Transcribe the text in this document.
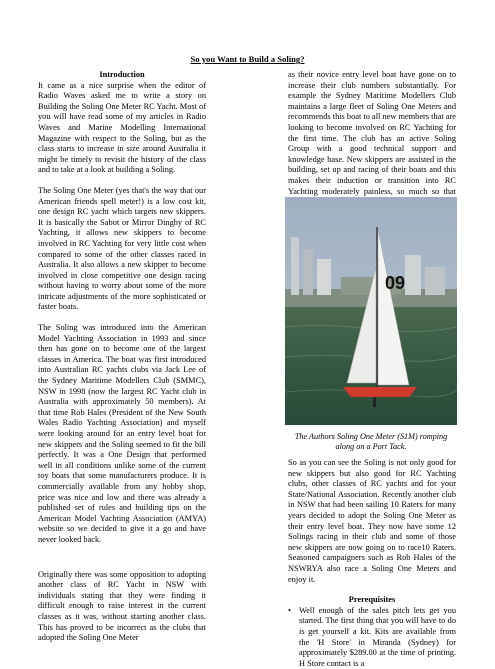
So you Want to Build a Soling?

Introduction

It came as a nice surprise when the editor of Radio Waves asked me to write a story on Building the Soling One Meter RC Yacht. Most of you will have read some of my articles in Radio Waves and Marine Modelling International Magazine with respect to the Soling, but as the class starts to increase in size around Australia it might be timely to revisit the history of the class and to take at a look at building a Soling.

The Soling One Meter (yes that's the way that our American friends spell meter!) is a low cost kit, one design RC yacht which targets new skippers. It is basically the Sabot or Mirror Dinghy of RC Yachting, it allows new skippers to become involved in RC Yachting for very little cost when compared to some of the other classes raced in Australia. It also allows a new skipper to become involved in close competitive one design racing without having to worry about some of the more intricate adjustments of the more sophisticated or faster boats.

The Soling was introduced into the American Model Yachting Association in 1993 and since then has gone on to become one of the largest classes in America. The boat was first introduced into Australian RC yachts clubs via Jack Lee of the Sydney Maritime Modellers Club (SMMC), NSW in 1998 (now the largest RC Yacht club in Australia with approximately 50 members). At that time Rob Hales (President of the New South Wales Radio Yachting Association) and myself were looking around for an entry level boat for new skippers and the Soling seemed to fit the bill perfectly. It was a One Design that performed well in all conditions unlike some of the current toy boats that some manufacturers produce. It is commercially available from any hobby shop, price was nice and low and there was already a published set of rules and building tips on the American Model Yachting Association (AMYA) website so we decided to give it a go and have never looked back.

Originally there was some opposition to adopting another class of RC Yacht in NSW with individuals stating that they were finding it difficult enough to raise interest in the current classes as it was, without starting another class. This has proved to be incorrect as the clubs that adopted the Soling One Meter

as their novice entry level boat have gone on to increase their club numbers substantially. For example the Sydney Maritime Modellers Club maintains a large fleet of Soling One Meters and recommends this boat to all new members that are looking to become involved on RC Yachting for the first time. The club has an active Soling Group with a good technical support and knowledge base. New skippers are assisted in the building, set up and racing of their boats and this makes their induction or transition into RC Yachting moderately painless, so much so that

09
The Authors Soling One Meter (S1M) romping along on a Port Tack.

So as you can see the Soling is not only good for new skippers but also good for RC Yachting clubs, other classes of RC yachts and for your State/National Association. Recently another club in NSW that had been sailing 10 Raters for many years decided to adopt the Soling One Meter as their entry level boat. They now have some 12 Solings racing in their club and some of those new skippers are now going on to race10 Raters. Seasoned campaigners such as Rob Hales of the NSWRYA also race a Soling One Meters and enjoy it.

Prerequisites

• Well enough of the sales pitch lets get you started. The first thing that you will have to do is get yourself a kit. Kits are available from the 'H Store' in Miranda (Sydney) for approximately $289.00 at the time of printing. H Store contact is a
